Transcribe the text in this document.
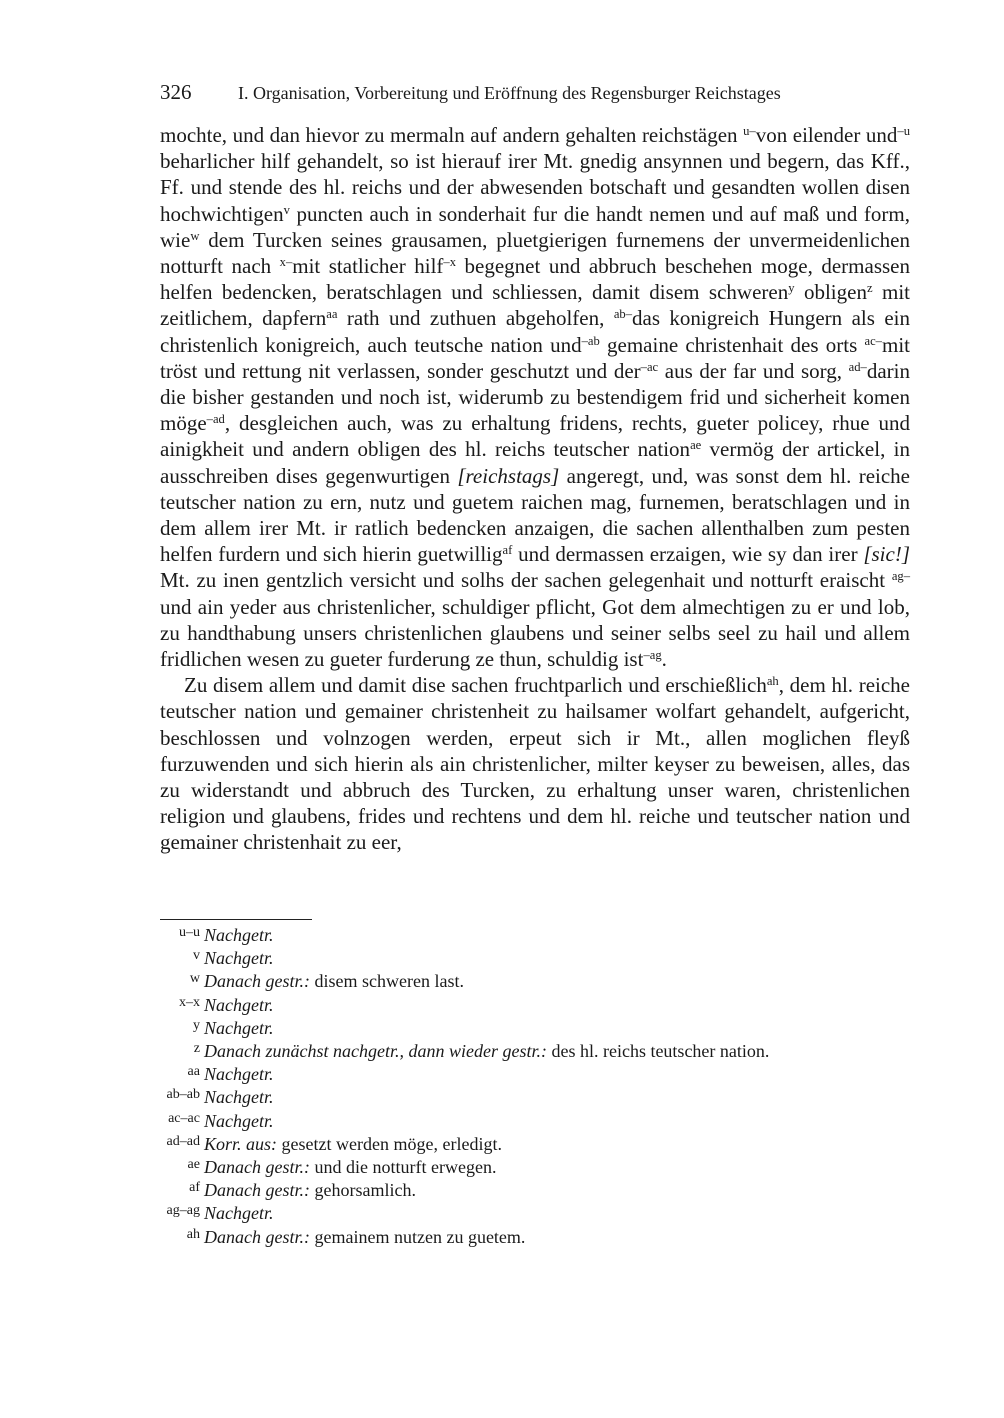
326	I. Organisation, Vorbereitung und Eröffnung des Regensburger Reichstages

mochte, und dan hievor zu mermaln auf andern gehalten reichstägen $^{u-}$von eilender und$^{-u}$ beharlicher hilf gehandelt, so ist hierauf irer Mt. gnedig ansynnen und begern, das Kff., Ff. und stende des hl. reichs und der abwesenden botschaft und gesandten wollen disen hochwichtigen$^v$ puncten auch in sonderhait fur die handt nemen und auf maß und form, wie$^w$ dem Turcken seines grausamen, pluetgierigen furnemens der unvermeidenlichen notturft nach $^{x-}$mit statlicher hilf$^{-x}$ begegnet und abbruch beschehen moge, dermassen helfen bedencken, beratschlagen und schliessen, damit disem schweren$^y$ obligen$^z$ mit zeitlichem, dapfern$^{aa}$ rath und zuthuen abgeholfen, $^{ab-}$das konigreich Hungern als ein christenlich konigreich, auch teutsche nation und$^{-ab}$ gemaine christenhait des orts $^{ac-}$mit tröst und rettung nit verlassen, sonder geschutzt und der$^{-ac}$ aus der far und sorg, $^{ad-}$darin die bisher gestanden und noch ist, widerumb zu bestendigem frid und sicherheit komen möge$^{-ad}$, desgleichen auch, was zu erhaltung fridens, rechts, gueter policey, rhue und ainigkheit und andern obligen des hl. reichs teutscher nation$^{ae}$ vermög der artickel, in ausschreiben dises gegenwurtigen [reichstags] angeregt, und, was sonst dem hl. reiche teutscher nation zu ern, nutz und guetem raichen mag, furnemen, beratschlagen und in dem allem irer Mt. ir ratlich bedencken anzaigen, die sachen allenthalben zum pesten helfen furdern und sich hierin guetwillig$^{af}$ und dermassen erzaigen, wie sy dan irer [sic!] Mt. zu inen gentzlich versicht und solhs der sachen gelegenhait und notturft eraischt $^{ag-}$und ain yeder aus christenlicher, schuldiger pflicht, Got dem almechtigen zu er und lob, zu handthabung unsers christenlichen glaubens und seiner selbs seel zu hail und allem fridlichen wesen zu gueter furderung ze thun, schuldig ist$^{-ag}$.

Zu disem allem und damit dise sachen fruchtparlich und erschießlich$^{ah}$, dem hl. reiche teutscher nation und gemainer christenheit zu hailsamer wolfart gehandelt, aufgericht, beschlossen und volnzogen werden, erpeut sich ir Mt., allen moglichen fleyß furzuwenden und sich hierin als ain christenlicher, milter keyser zu beweisen, alles, das zu widerstandt und abbruch des Turcken, zu erhaltung unser waren, christenlichen religion und glaubens, frides und rechtens und dem hl. reiche und teutscher nation und gemainer christenhait zu eer,

u–u Nachgetr.
v Nachgetr.
w Danach gestr.: disem schweren last.
x–x Nachgetr.
y Nachgetr.
z Danach zunächst nachgetr., dann wieder gestr.: des hl. reichs teutscher nation.
aa Nachgetr.
ab–ab Nachgetr.
ac–ac Nachgetr.
ad–ad Korr. aus: gesetzt werden möge, erledigt.
ae Danach gestr.: und die notturft erwegen.
af Danach gestr.: gehorsamlich.
ag–ag Nachgetr.
ah Danach gestr.: gemainem nutzen zu guetem.
